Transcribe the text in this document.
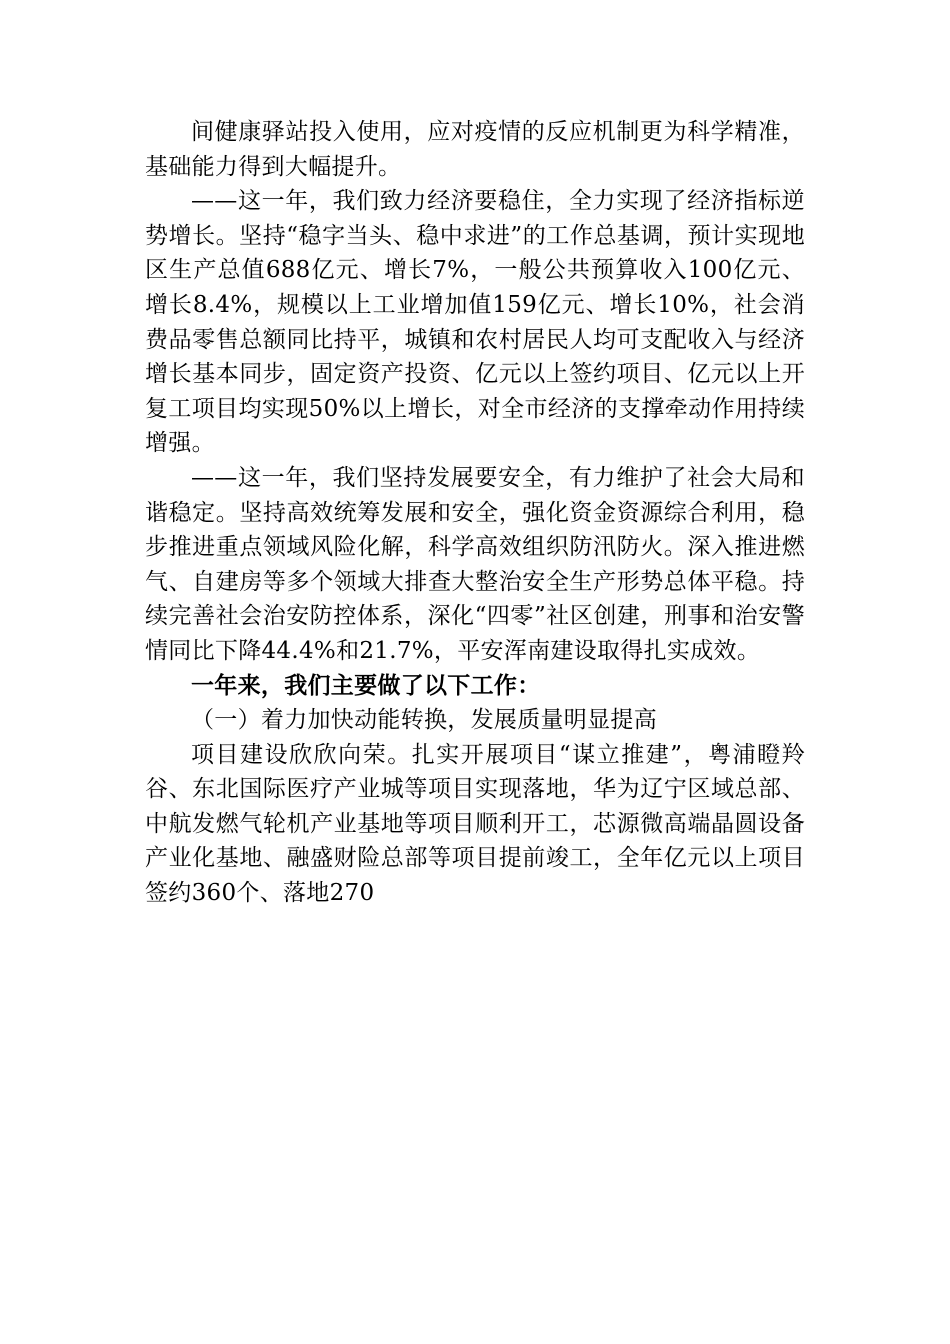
间健康驿站投入使用，应对疫情的反应机制更为科学精准，基础能力得到大幅提升。

——这一年，我们致力经济要稳住，全力实现了经济指标逆势增长。坚持“稳字当头、稳中求进”的工作总基调，预计实现地区生产总值688亿元、增长7%，一般公共预算收入100亿元、增长8.4%，规模以上工业增加值159亿元、增长10%，社会消费品零售总额同比持平，城镇和农村居民人均可支配收入与经济增长基本同步，固定资产投资、亿元以上签约项目、亿元以上开复工项目均实现50%以上增长，对全市经济的支撑牵动作用持续增强。

——这一年，我们坚持发展要安全，有力维护了社会大局和谐稳定。坚持高效统筹发展和安全，强化资金资源综合利用，稳步推进重点领域风险化解，科学高效组织防汛防火。深入推进燃气、自建房等多个领域大排查大整治安全生产形势总体平稳。持续完善社会治安防控体系，深化“四零”社区创建，刑事和治安警情同比下降44.4%和21.7%，平安浑南建设取得扎实成效。

一年来，我们主要做了以下工作：

（一）着力加快动能转换，发展质量明显提高

项目建设欣欣向荣。扎实开展项目“谋立推建”，粤浦瞪羚谷、东北国际医疗产业城等项目实现落地，华为辽宁区域总部、中航发燃气轮机产业基地等项目顺利开工，芯源微高端晶圆设备产业化基地、融盛财险总部等项目提前竣工，全年亿元以上项目签约360个、落地270
